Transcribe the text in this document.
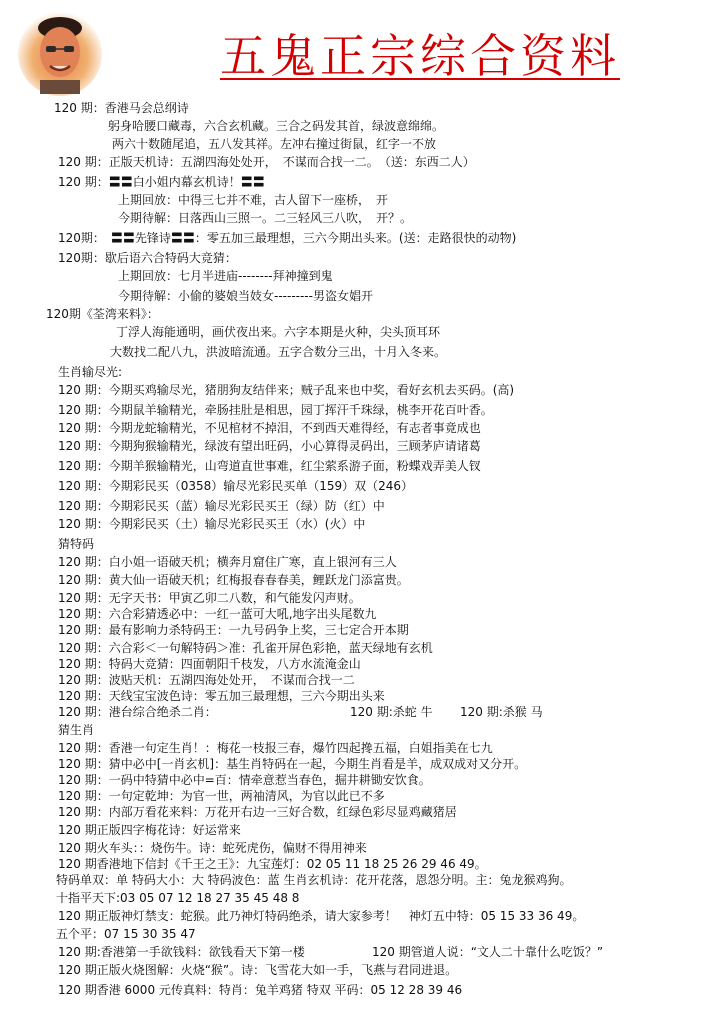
五鬼正宗综合资料
120 期：香港马会总纲诗
躬身哈腰口藏毒，六合玄机藏。三合之码发其首，绿波意绵绵。
两六十数随尾追，五八发其祥。左冲右撞过街鼠，红字一不放
120 期：正版天机诗：五湖四海处处开，　不谋而合找一二。　（送：东西二人）
120 期：〓〓白小姐内幕玄机诗！〓〓
上期回放：中得三七并不难，古人留下一座桥，　开
今期待解：日落西山三照一。二三轻风三八吹，　开？。
120期：　〓〓先锋诗〓〓：零五加三最理想，三六今期出头来。(送：走路很快的动物)
120期：歇后语六合特码大竞猜：
上期回放：七月半进庙--------拜神撞到鬼
今期待解：小偷的婆娘当妓女---------男盗女娼开
120期《荃湾来料》：
丁浮人海能通明，画伏夜出来。六字本期是火种，尖头顶耳环
大数找二配八九，洪波暗流通。五字合数分三出，十月入冬来。
生肖输尽光:
120 期：今期买鸡输尽光，猪朋狗友结伴来；贼子乱来也中奖，看好玄机去买码。(高)
120 期：今期鼠羊输精光，牵肠挂肚是相思，园丁挥汗千珠绿，桃李开花百叶香。
120 期：今期龙蛇输精光，不见棺材不掉泪，不到西天难得经，有志者事竟成也
120 期：今期狗猴输精光，绿波有望出旺码，小心算得灵码出，三顾茅庐请诸葛
120 期：今期羊猴输精光，山弯道直世事难，红尘萦系游子面，粉蝶戏弄美人钗
120 期：今期彩民买（0358）输尽光彩民买单（159）双（246）
120 期：今期彩民买（蓝）输尽光彩民买王（绿）防（红）中
120 期：今期彩民买（土）输尽光彩民买王（水）(火）中
猜特码
120 期：白小姐一语破天机；横奔月窟住广寒，直上银河有三人
120 期：黄大仙一语破天机；红梅报春春春美，鲤跃龙门添富贵。
120 期：无字天书：甲寅乙卯二八数，和气能发闪声财。
120 期：六合彩猜透必中：一红一蓝可大吼,地字出头尾数九
120 期：最有影响力杀特码王：一九号码争上奖，三七定合开本期
120 期：六合彩＜一句解特码＞准：孔雀开屏色彩艳，蓝天绿地有玄机
120 期：特码大竞猜：四面朝阳千枝发，八方水流淹金山
120 期：波贴天机：五湖四海处处开，　不谋而合找一二
120 期：天线宝宝波色诗：零五加三最理想，三六今期出头来
120 期：港台综合绝杀二肖：	120 期:杀蛇 牛 120 期:杀猴 马
猜生肖
120 期：香港一句定生肖！：梅花一枝报三春，爆竹四起搀五福，白姐指美在七九
120 期：猜中必中[一肖玄机]：基生肖特码在一起，今期生肖看是羊，成双成对又分开。
120 期：一码中特猜中必中=百：情牵意惹当春色，掘井耕锄安饮食。
120 期：一句定乾坤：为官一世，两袖清风，为官以此已不多
120 期：内部万看花来料：万花开右边一三好合数，红绿色彩尽显鸡藏猪居
120 期正版四字梅花诗：好运常来
120 期火车头：：烧伤牛。诗：蛇死虎伤，偏财不得用神来
120 期香港地下信封《千王之王》：九宝莲灯：02 05 11 18 25 26 29 46 49。
特码单双：单 特码大小：大 特码波色：蓝 生肖玄机诗：花开花落，恩怨分明。主：兔龙猴鸡狗。
十指平天下:03 05 07 12 18 27 35 45 48 8
120 期正版神灯禁支：蛇猴。此乃神灯特码绝杀，请大家参考！　神灯五中特：05 15 33 36 49。
五个平：07 15 30 35 47
120 期:香港第一手欲钱料：欲钱看天下第一楼	120 期管道人说：“文人二十靠什么吃饭？”
120 期正版火烧图解：火烧“猴”。诗：飞雪花大如一手，飞燕与君同进退。
120 期香港 6000 元传真料：特肖：兔羊鸡猪 特双 平码：05 12 28 39 46
